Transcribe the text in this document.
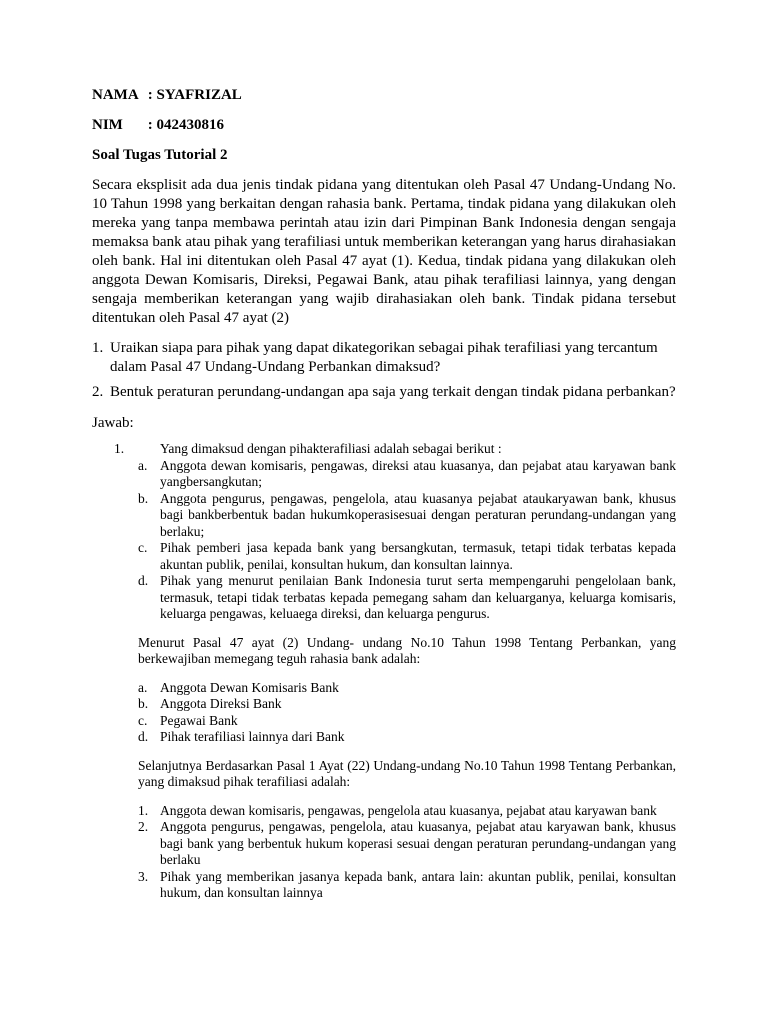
NAMA : SYAFRIZAL
NIM : 042430816
Soal Tugas Tutorial 2

Secara eksplisit ada dua jenis tindak pidana yang ditentukan oleh Pasal 47 Undang-Undang No. 10 Tahun 1998 yang berkaitan dengan rahasia bank. Pertama, tindak pidana yang dilakukan oleh mereka yang tanpa membawa perintah atau izin dari Pimpinan Bank Indonesia dengan sengaja memaksa bank atau pihak yang terafiliasi untuk memberikan keterangan yang harus dirahasiakan oleh bank. Hal ini ditentukan oleh Pasal 47 ayat (1). Kedua, tindak pidana yang dilakukan oleh anggota Dewan Komisaris, Direksi, Pegawai Bank, atau pihak terafiliasi lainnya, yang dengan sengaja memberikan keterangan yang wajib dirahasiakan oleh bank. Tindak pidana tersebut ditentukan oleh Pasal 47 ayat (2)

1. Uraikan siapa para pihak yang dapat dikategorikan sebagai pihak terafiliasi yang tercantum dalam Pasal 47 Undang-Undang Perbankan dimaksud?
2. Bentuk peraturan perundang-undangan apa saja yang terkait dengan tindak pidana perbankan?
Jawab:
1.	Yang dimaksud dengan pihakterafiliasi adalah sebagai berikut :

a. Anggota dewan komisaris, pengawas, direksi atau kuasanya, dan pejabat atau karyawan bank yangbersangkutan;

b. Anggota pengurus, pengawas, pengelola, atau kuasanya pejabat ataukaryawan bank, khusus bagi bankberbentuk badan hukumkoperasisesuai dengan peraturan perundang-undangan yang berlaku;

c. Pihak pemberi jasa kepada bank yang bersangkutan, termasuk, tetapi tidak terbatas kepada akuntan publik, penilai, konsultan hukum, dan konsultan lainnya.

d. Pihak yang menurut penilaian Bank Indonesia turut serta mempengaruhi pengelolaan bank, termasuk, tetapi tidak terbatas kepada pemegang saham dan keluarganya, keluarga komisaris, keluarga pengawas, keluaega direksi, dan keluarga pengurus.

Menurut Pasal 47 ayat (2) Undang- undang No.10 Tahun 1998 Tentang Perbankan, yang berkewajiban memegang teguh rahasia bank adalah:

a. Anggota Dewan Komisaris Bank

b. Anggota Direksi Bank

c. Pegawai Bank

d. Pihak terafiliasi lainnya dari Bank

Selanjutnya Berdasarkan Pasal 1 Ayat (22) Undang-undang No.10 Tahun 1998 Tentang Perbankan, yang dimaksud pihak terafiliasi adalah:

1. Anggota dewan komisaris, pengawas, pengelola atau kuasanya, pejabat atau karyawan bank

2. Anggota pengurus, pengawas, pengelola, atau kuasanya, pejabat atau karyawan bank, khusus bagi bank yang berbentuk hukum koperasi sesuai dengan peraturan perundang-undangan yang berlaku

3. Pihak yang memberikan jasanya kepada bank, antara lain: akuntan publik, penilai, konsultan hukum, dan konsultan lainnya
